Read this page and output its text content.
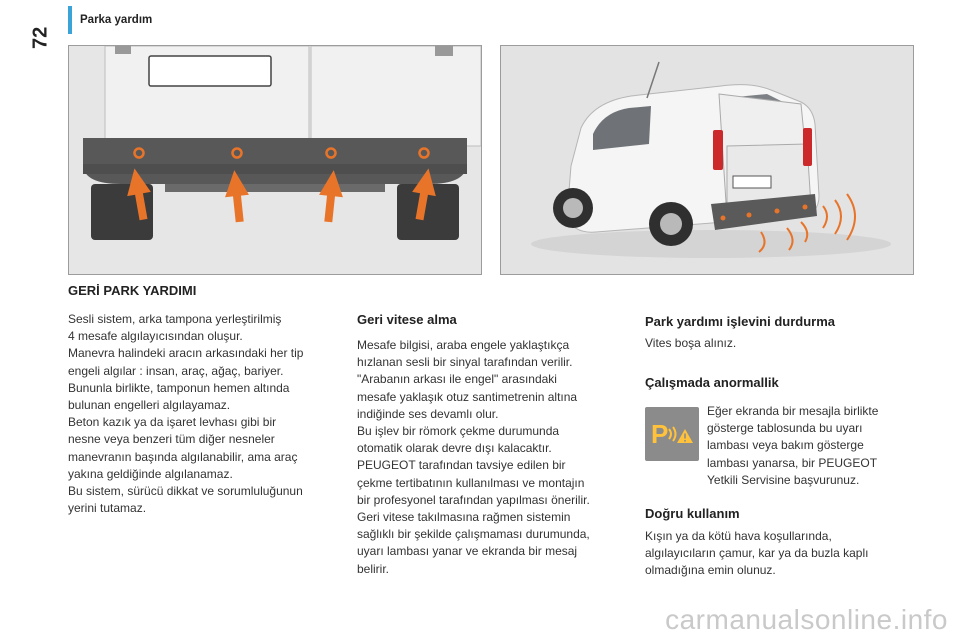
72
Parka yardım
GERİ PARK YARDIMI
Sesli sistem, arka tampona yerleştirilmiş
4 mesafe algılayıcısından oluşur.
Manevra halindeki aracın arkasındaki her tip
engeli algılar : insan, araç, ağaç, bariyer.
Bununla birlikte, tamponun hemen altında
bulunan engelleri algılayamaz.
Beton kazık ya da işaret levhası gibi bir
nesne veya benzeri tüm diğer nesneler
manevranın başında algılanabilir, ama araç
yakına geldiğinde algılanamaz.
Bu sistem, sürücü dikkat ve sorumluluğunun
yerini tutamaz.
Geri vitese alma
Mesafe bilgisi, araba engele yaklaştıkça
hızlanan sesli bir sinyal tarafından verilir.
"Arabanın arkası ile engel" arasındaki
mesafe yaklaşık otuz santimetrenin altına
indiğinde ses devamlı olur.
Bu işlev bir römork çekme durumunda
otomatik olarak devre dışı kalacaktır.
PEUGEOT tarafından tavsiye edilen bir
çekme tertibatının kullanılması ve montajın
bir profesyonel tarafından yapılması önerilir.
Geri vitese takılmasına rağmen sistemin
sağlıklı bir şekilde çalışmaması durumunda,
uyarı lambası yanar ve ekranda bir mesaj
belirir.
Park yardımı işlevini durdurma
Vites boşa alınız.
Çalışmada anormallik
P
Eğer ekranda bir mesajla birlikte
gösterge tablosunda bu uyarı
lambası veya bakım gösterge
lambası yanarsa, bir PEUGEOT
Yetkili Servisine başvurunuz.
Doğru kullanım
Kışın ya da kötü hava koşullarında,
algılayıcıların çamur, kar ya da buzla kaplı
olmadığına emin olunuz.
carmanualsonline.info
